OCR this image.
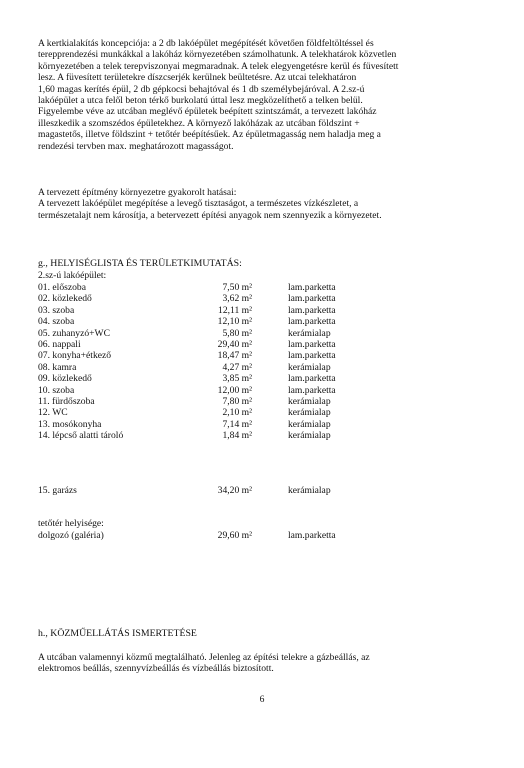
A kertkialakítás koncepciója: a 2 db lakóépület megépítését követően földfeltöltéssel és
terepprendezési munkákkal a lakóház környezetében számolhatunk. A telekhatárok közvetlen
környezetében a telek terepviszonyai megmaradnak. A telek elegyengetésre kerül és füvesített
lesz. A füvesített területekre díszcserjék kerülnek beültetésre. Az utcai telekhatáron
1,60 magas kerítés épül, 2 db gépkocsi behajtóval és 1 db személybejáróval. A 2.sz-ú
lakóépület a utca felől beton térkő burkolatú úttal lesz megközelíthető a telken belül.
Figyelembe véve az utcában meglévő épületek beépített szintszámát, a tervezett lakóház
illeszkedik a szomszédos épületekhez. A környező lakóházak az utcában földszint +
magastetős, illetve földszint + tetőtér beépítésűek. Az épületmagasság nem haladja meg a
rendezési tervben max. meghatározott magasságot.

A tervezett építmény környezetre gyakorolt hatásai:
A tervezett lakóépület megépítése a levegő tisztaságot, a természetes vízkészletet, a
természetalajt nem károsítja, a betervezett építési anyagok nem szennyezik a környezetet.

g., HELYISÉGLISTA ÉS TERÜLETKIMUTATÁS:
2.sz-ú lakóépület:
01. előszoba	7,50 m²	lam.parketta
02. közlekedő	3,62 m²	lam.parketta
03. szoba	12,11 m²	lam.parketta
04. szoba	12,10 m²	lam.parketta
05. zuhanyzó+WC	5,80 m²	kerámialap
06. nappali	29,40 m²	lam.parketta
07. konyha+étkező	18,47 m²	lam.parketta
08. kamra	4,27 m²	kerámialap
09. közlekedő	3,85 m²	lam.parketta
10. szoba	12,00 m²	lam.parketta
11. fürdőszoba	7,80 m²	kerámialap
12. WC	2,10 m²	kerámialap
13. mosókonyha	7,14 m²	kerámialap
14. lépcső alatti tároló	1,84 m²	kerámialap
15. garázs	34,20 m²	kerámialap
tetőtér helyisége:
dolgozó (galéria)	29,60 m²	lam.parketta
h., KÖZMŰELLÁTÁS ISMERTETÉSE

A utcában valamennyi közmű megtalálható. Jelenleg az építési telekre a gázbeállás, az
elektromos beállás, szennyvízbeállás és vízbeállás biztosított.

6
